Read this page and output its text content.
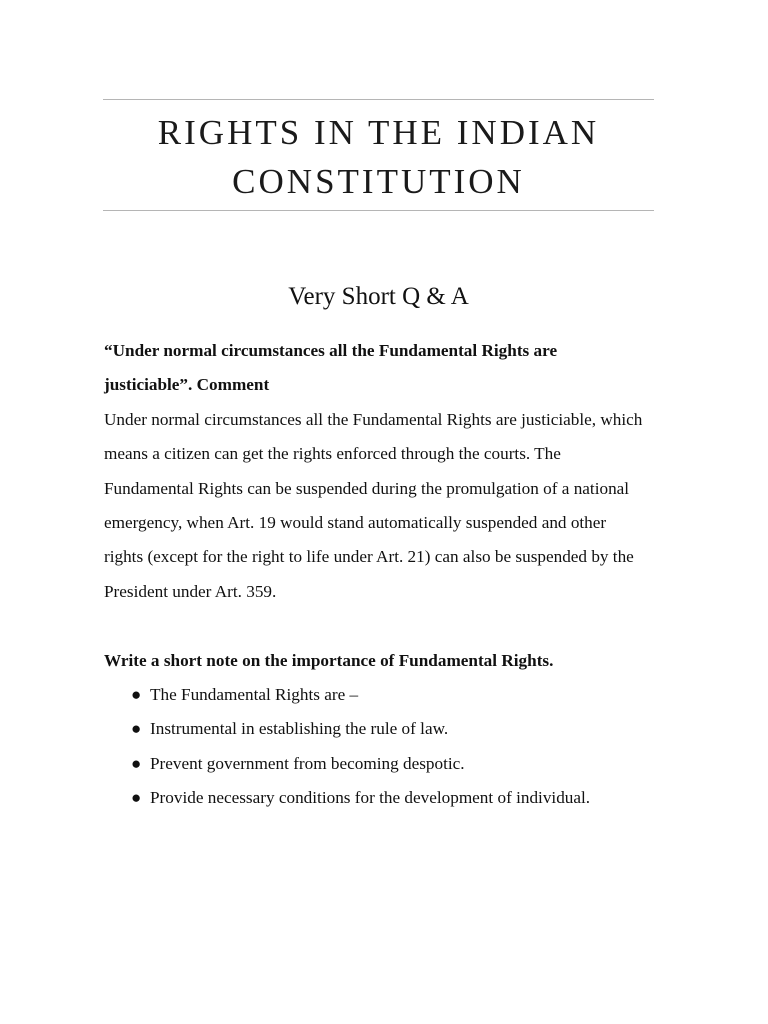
RIGHTS IN THE INDIAN
CONSTITUTION
Very Short Q & A

“Under normal circumstances all the Fundamental Rights are justiciable”. Comment

Under normal circumstances all the Fundamental Rights are justiciable, which means a citizen can get the rights enforced through the courts. The Fundamental Rights can be suspended during the promulgation of a national emergency, when Art. 19 would stand automatically suspended and other rights (except for the right to life under Art. 21) can also be suspended by the President under Art. 359.

Write a short note on the importance of Fundamental Rights.

● The Fundamental Rights are –
● Instrumental in establishing the rule of law.
● Prevent government from becoming despotic.
● Provide necessary conditions for the development of individual.
